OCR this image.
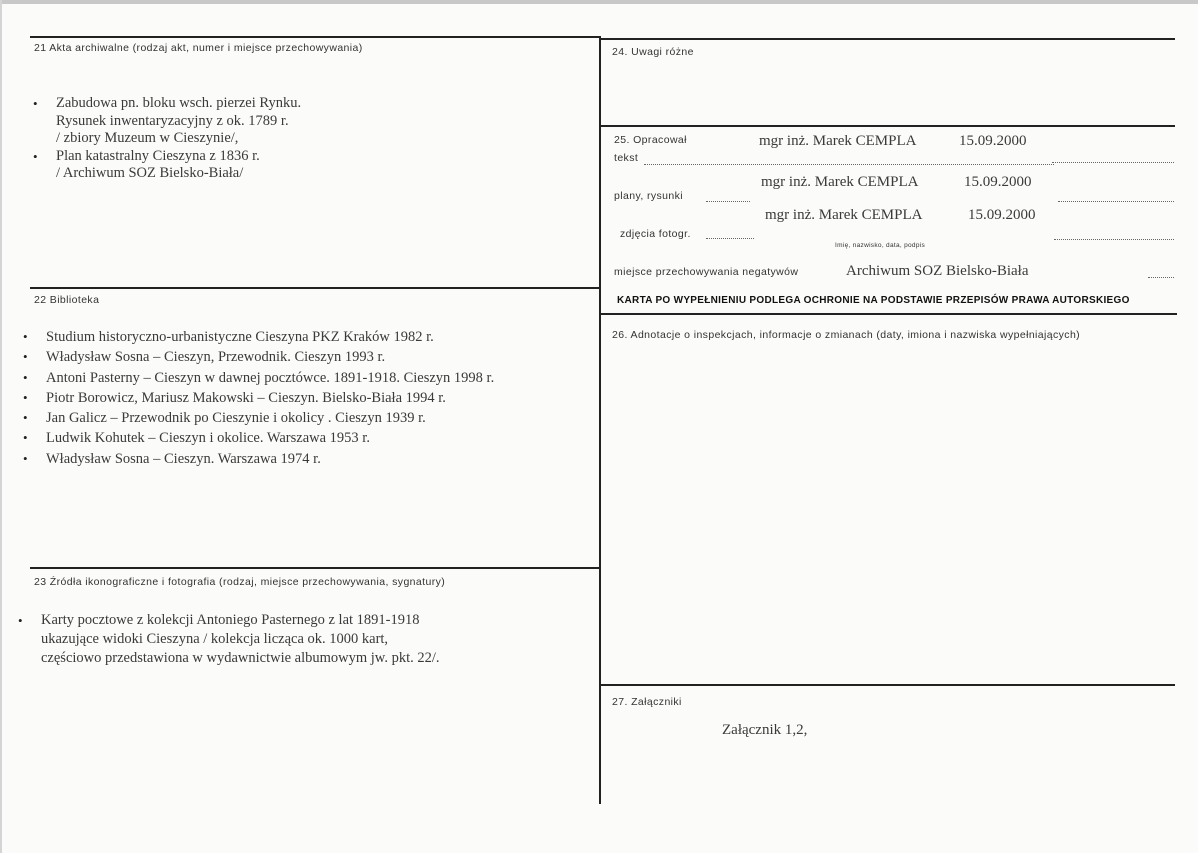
21 Akta archiwalne (rodzaj akt, numer i miejsce przechowywania)
• Zabudowa pn. bloku wsch. pierzei Rynku.
Rysunek inwentaryzacyjny z ok. 1789 r.
/ zbiory Muzeum w Cieszynie/,
• Plan katastralny Cieszyna z 1836 r.
/ Archiwum SOZ Bielsko-Biała/
22 Biblioteka
• Studium historyczno-urbanistyczne Cieszyna PKZ Kraków 1982 r.
• Władysław Sosna – Cieszyn, Przewodnik. Cieszyn 1993 r.
• Antoni Pasterny – Cieszyn w dawnej pocztówce. 1891-1918. Cieszyn 1998 r.
• Piotr Borowicz, Mariusz Makowski – Cieszyn. Bielsko-Biała 1994 r.
• Jan Galicz – Przewodnik po Cieszynie i okolicy . Cieszyn 1939 r.
• Ludwik Kohutek – Cieszyn i okolice. Warszawa 1953 r.
• Władysław Sosna – Cieszyn. Warszawa 1974 r.
23 Źródła ikonograficzne i fotografia (rodzaj, miejsce przechowywania, sygnatury)
• Karty pocztowe z kolekcji Antoniego Pasternego z lat 1891-1918
ukazujące widoki Cieszyna / kolekcja licząca ok. 1000 kart,
częściowo przedstawiona w wydawnictwie albumowym jw. pkt. 22/.
24. Uwagi różne
25. Opracował
tekst
mgr inż. Marek CEMPLA	15.09.2000
plany, rysunki
mgr inż. Marek CEMPLA	15.09.2000
zdjęcia fotogr.
mgr inż. Marek CEMPLA	15.09.2000
Imię, nazwisko, data, podpis
miejsce przechowywania negatywów	Archiwum SOZ Bielsko-Biała
KARTA PO WYPEŁNIENIU PODLEGA OCHRONIE NA PODSTAWIE PRZEPISÓW PRAWA AUTORSKIEGO
26. Adnotacje o inspekcjach, informacje o zmianach (daty, imiona i nazwiska wypełniających)
27. Załączniki
Załącznik 1,2,
